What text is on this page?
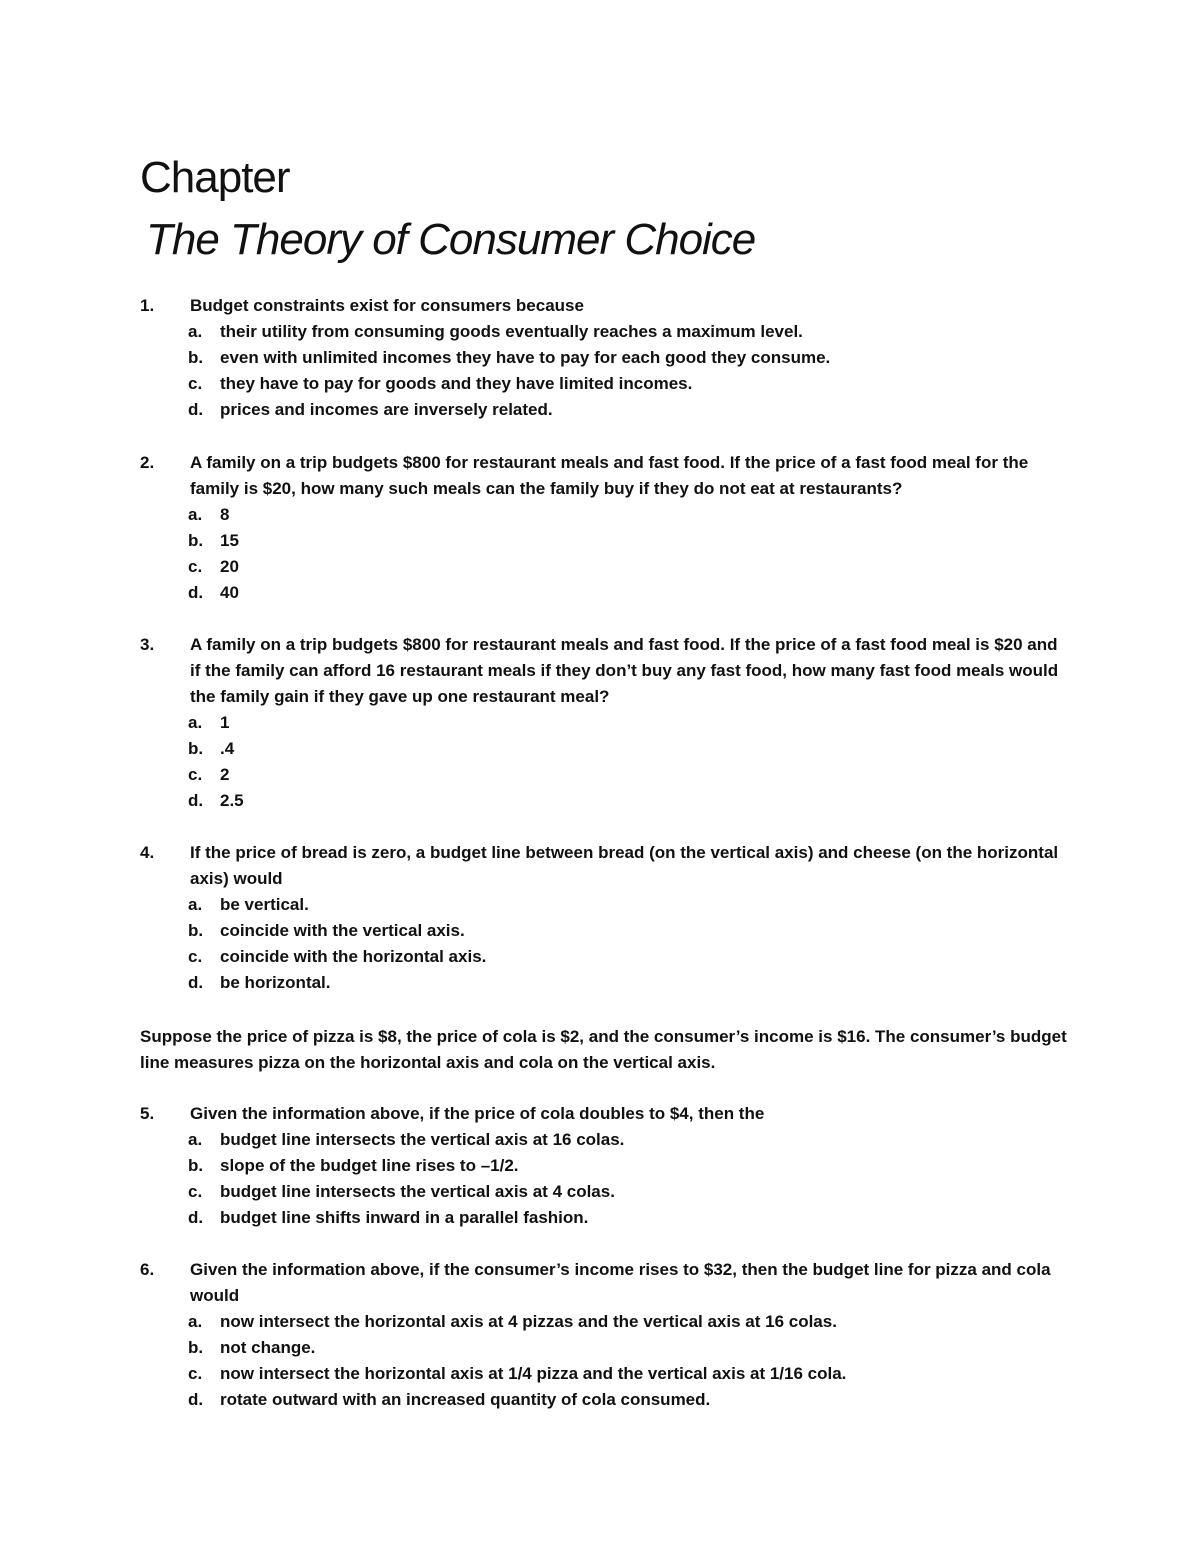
Chapter
The Theory of Consumer Choice
1. Budget constraints exist for consumers because
a. their utility from consuming goods eventually reaches a maximum level.
b. even with unlimited incomes they have to pay for each good they consume.
c. they have to pay for goods and they have limited incomes.
d. prices and incomes are inversely related.
2. A family on a trip budgets $800 for restaurant meals and fast food. If the price of a fast food meal for the family is $20, how many such meals can the family buy if they do not eat at restaurants?
a. 8
b. 15
c. 20
d. 40
3. A family on a trip budgets $800 for restaurant meals and fast food. If the price of a fast food meal is $20 and if the family can afford 16 restaurant meals if they don’t buy any fast food, how many fast food meals would the family gain if they gave up one restaurant meal?
a. 1
b. .4
c. 2
d. 2.5
4. If the price of bread is zero, a budget line between bread (on the vertical axis) and cheese (on the horizontal axis) would
a. be vertical.
b. coincide with the vertical axis.
c. coincide with the horizontal axis.
d. be horizontal.

Suppose the price of pizza is $8, the price of cola is $2, and the consumer’s income is $16. The consumer’s budget line measures pizza on the horizontal axis and cola on the vertical axis.

5. Given the information above, if the price of cola doubles to $4, then the
a. budget line intersects the vertical axis at 16 colas.
b. slope of the budget line rises to –1/2.
c. budget line intersects the vertical axis at 4 colas.
d. budget line shifts inward in a parallel fashion.
6. Given the information above, if the consumer’s income rises to $32, then the budget line for pizza and cola would
a. now intersect the horizontal axis at 4 pizzas and the vertical axis at 16 colas.
b. not change.
c. now intersect the horizontal axis at 1/4 pizza and the vertical axis at 1/16 cola.
d. rotate outward with an increased quantity of cola consumed.
